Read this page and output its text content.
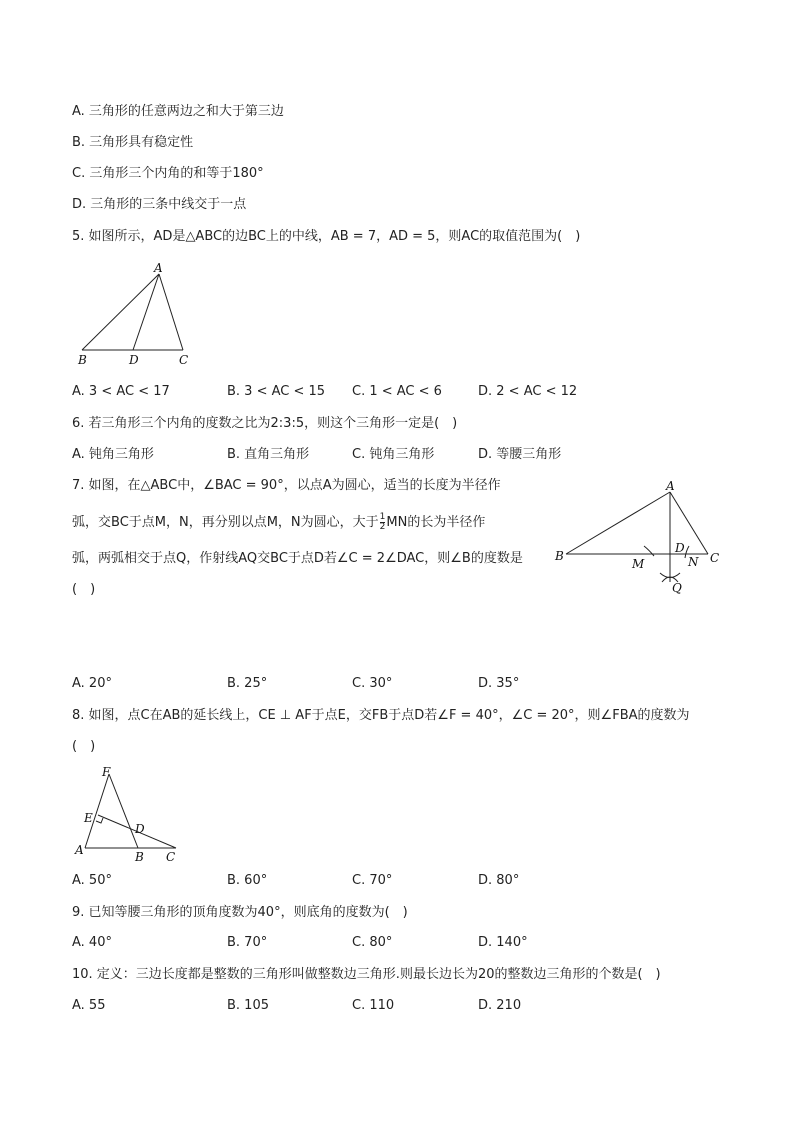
A. 三角形的任意两边之和大于第三边
B. 三角形具有稳定性
C. 三角形三个内角的和等于180°
D. 三角形的三条中线交于一点
5. 如图所示，AD是△ABC的边BC上的中线，AB = 7，AD = 5，则AC的取值范围为(　)
A
B	D	C
A. 3 < AC < 17	B. 3 < AC < 15 C. 1 < AC < 6	D. 2 < AC < 12
6. 若三角形三个内角的度数之比为2:3:5，则这个三角形一定是(　)
A. 钝角三角形	B. 直角三角形	C. 钝角三角形	D. 等腰三角形
7. 如图，在△ABC中，∠BAC = 90°，以点A为圆心，适当的长度为半径作
弧，交BC于点M，N，再分别以点M，N为圆心，大于 $\frac{1}{2}$ MN的长为半径作
弧，两弧相交于点Q，作射线AQ交BC于点D若∠C = 2∠DAC，则∠B的度数是
(　)
A
B	C
D
M	N
Q
A. 20°	B. 25°	C. 30°	D. 35°
8. 如图，点C在AB的延长线上，CE ⊥ AF于点E，交FB于点D若∠F = 40°，∠C = 20°，则∠FBA的度数为
(　)
F
E
D
A	B C
A. 50°	B. 60°	C. 70°	D. 80°
9. 已知等腰三角形的顶角度数为40°，则底角的度数为(　)
A. 40°	B. 70°	C. 80°	D. 140°
10. 定义：三边长度都是整数的三角形叫做整数边三角形.则最长边长为20的整数边三角形的个数是(　)
A. 55	B. 105	C. 110	D. 210
